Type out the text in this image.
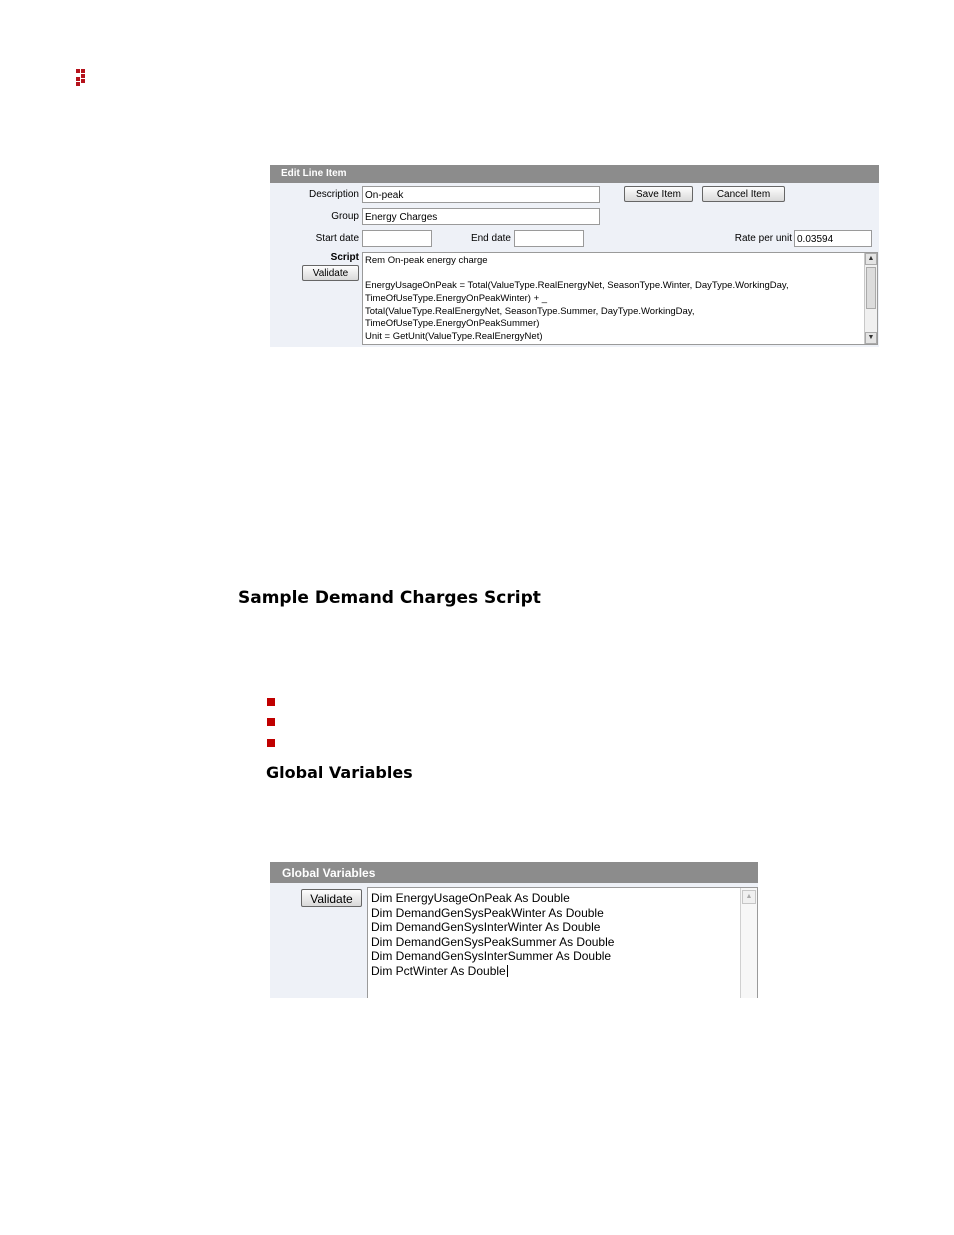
Edit Line Item
Description On-peak	Save Item	Cancel Item
Group Energy Charges
Start date	End date	Rate per unit 0.03594
Script
Validate
Rem On-peak energy charge
EnergyUsageOnPeak = Total(ValueType.RealEnergyNet, SeasonType.Winter, DayType.WorkingDay,
TimeOfUseType.EnergyOnPeakWinter) + _
Total(ValueType.RealEnergyNet, SeasonType.Summer, DayType.WorkingDay,
TimeOfUseType.EnergyOnPeakSummer)
Unit = GetUnit(ValueType.RealEnergyNet)
▲
▼
Sample Demand Charges Script
Global Variables
Global Variables
Validate	Dim EnergyUsageOnPeak As Double
Dim DemandGenSysPeakWinter As Double
Dim DemandGenSysInterWinter As Double
Dim DemandGenSysPeakSummer As Double
Dim DemandGenSysInterSummer As Double
Dim PctWinter As Double
▲
